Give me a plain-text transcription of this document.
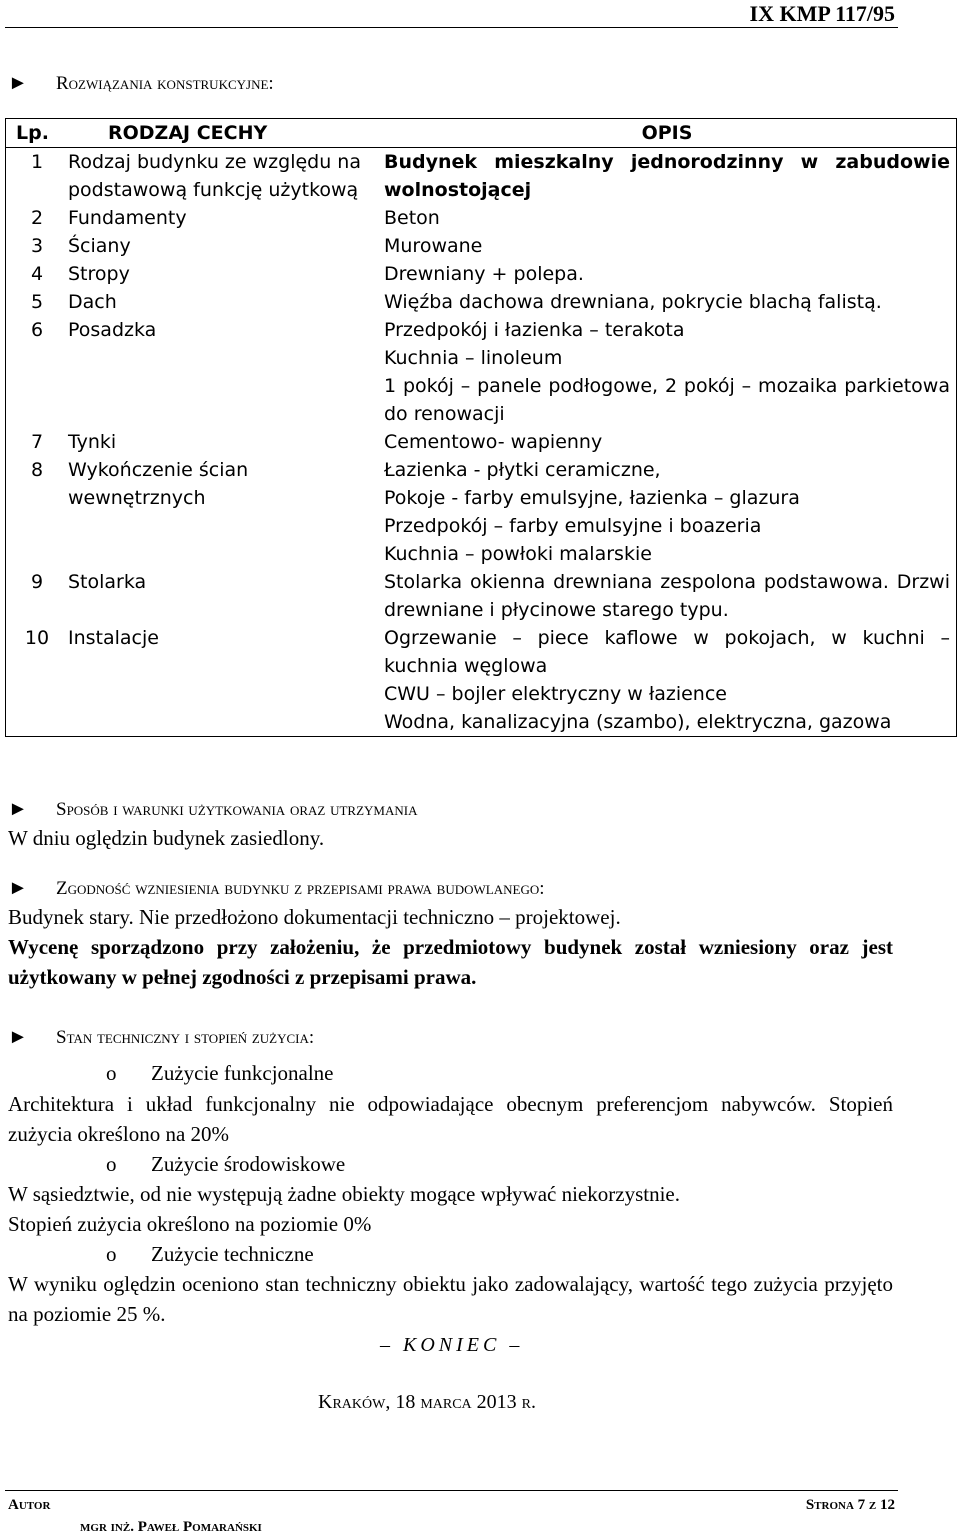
IX KMP 117/95
► Rozwiązania konstrukcyjne:
Lp.	RODZAJ CECHY	OPIS
1	Rodzaj budynku ze względu na podstawową funkcję użytkową	Budynek mieszkalny jednorodzinny w zabudowie wolnostojącej
2	Fundamenty	Beton
3	Ściany	Murowane
4	Stropy	Drewniany + polepa.
5	Dach	Więźba dachowa drewniana, pokrycie blachą falistą.
6	Posadzka	Przedpokój i łazienka – terakota
Kuchnia – linoleum
1 pokój – panele podłogowe, 2 pokój – mozaika parkietowa do renowacji

7	Tynki	Cementowo- wapienny
8	Wykończenie ścian wewnętrznych	Łazienka - płytki ceramiczne,
Pokoje - farby emulsyjne, łazienka – glazura
Przedpokój – farby emulsyjne i boazeria
Kuchnia – powłoki malarskie

9	Stolarka	Stolarka okienna drewniana zespolona podstawowa. Drzwi drewniane i płycinowe starego typu.
10	Instalacje	Ogrzewanie – piece kaflowe w pokojach, w kuchni – kuchnia węglowa
CWU – bojler elektryczny w łazience
Wodna, kanalizacyjna (szambo), elektryczna, gazowa
► Sposób i warunki użytkowania oraz utrzymania
W dniu oględzin budynek zasiedlony.
► Zgodność wzniesienia budynku z przepisami prawa budowlanego:
Budynek stary. Nie przedłożono dokumentacji techniczno – projektowej.
Wycenę sporządzono przy założeniu, że przedmiotowy budynek został wzniesiony oraz jest użytkowany w pełnej zgodności z przepisami prawa.
► Stan techniczny i stopień zużycia:
o Zużycie funkcjonalne
Architektura i układ funkcjonalny nie odpowiadające obecnym preferencjom nabywców. Stopień zużycia określono na 20%
o Zużycie środowiskowe
W sąsiedztwie, od nie występują żadne obiekty mogące wpływać niekorzystnie.
Stopień zużycia określono na poziomie 0%
o Zużycie techniczne
W wyniku oględzin oceniono stan techniczny obiektu jako zadowalający, wartość tego zużycia przyjęto na poziomie 25 %.
– KONIEC –
Kraków, 18 marca 2013 r.
Autor	Strona 7 z 12
mgr inż. Paweł Pomarański
